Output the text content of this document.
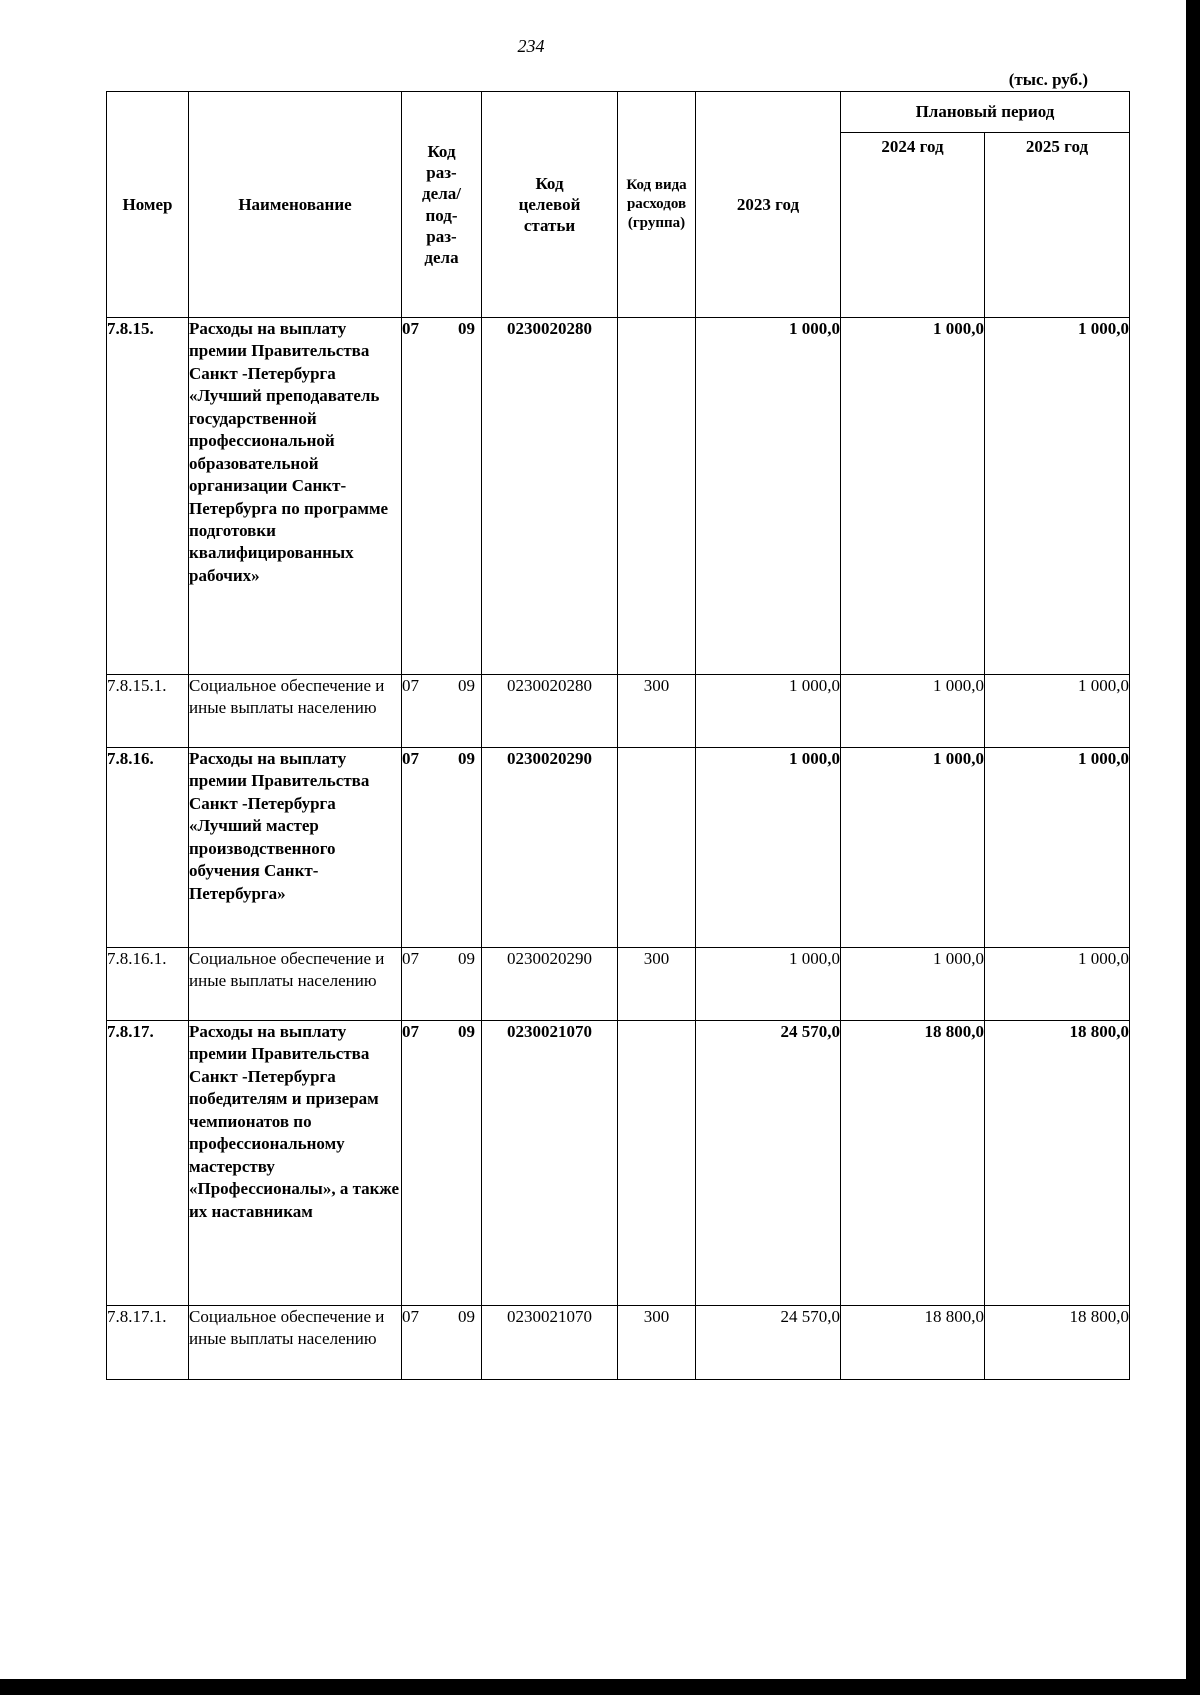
234
(тыс. руб.)
Номер	Наименование	Код раз-дела/ под-раз-дела	Код целевой статьи	Код вида расходов (группа)	2023 год	Плановый период	
						2024 год	2025 год
7.8.15.	Расходы на выплату премии Правительства Санкт -Петербурга «Лучший преподаватель государственной профессиональной образовательной организации Санкт-Петербурга по программе подготовки квалифицированных рабочих»	07 09	0230020280		1 000,0	1 000,0	1 000,0
7.8.15.1.	Социальное обеспечение и иные выплаты населению	07 09	0230020280	300	1 000,0	1 000,0	1 000,0
7.8.16.	Расходы на выплату премии Правительства Санкт -Петербурга «Лучший мастер производственного обучения Санкт-Петербурга»	07 09	0230020290		1 000,0	1 000,0	1 000,0
7.8.16.1.	Социальное обеспечение и иные выплаты населению	07 09	0230020290	300	1 000,0	1 000,0	1 000,0
7.8.17.	Расходы на выплату премии Правительства Санкт -Петербурга победителям и призерам чемпионатов по профессиональному мастерству «Профессионалы», а также их наставникам	07 09	0230021070		24 570,0	18 800,0	18 800,0
7.8.17.1.	Социальное обеспечение и иные выплаты населению	07 09	0230021070	300	24 570,0	18 800,0	18 800,0
